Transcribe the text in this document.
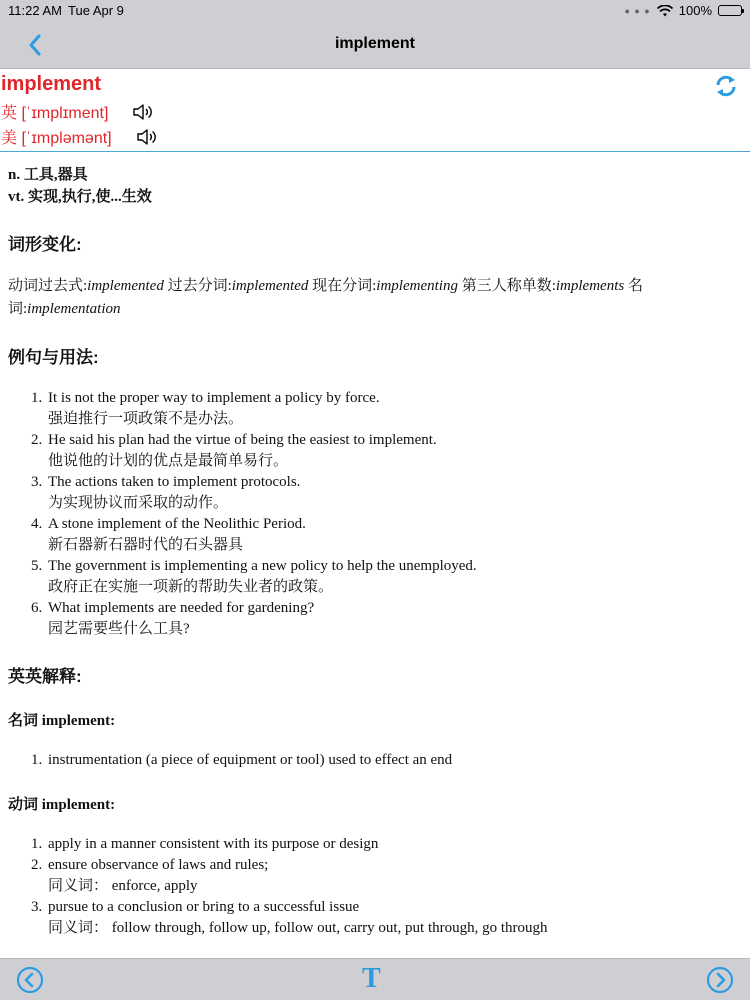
11:22 AM Tue Apr 9	● ● ● 100%
implement
implement
英 [ˈɪmplɪment]
美 [ˈɪmpləmənt]
n. 工具,器具
vt. 实现,执行,使...生效
词形变化:
动词过去式:implemented 过去分词:implemented 现在分词:implementing 第三人称单数:implements 名词:implementation
例句与用法:
1. It is not the proper way to implement a policy by force.
强迫推行一项政策不是办法。
2. He said his plan had the virtue of being the easiest to implement.
他说他的计划的优点是最简单易行。
3. The actions taken to implement protocols.
为实现协议而采取的动作。
4. A stone implement of the Neolithic Period.
新石器新石器时代的石头器具
5. The government is implementing a new policy to help the unemployed.
政府正在实施一项新的帮助失业者的政策。
6. What implements are needed for gardening?
园艺需要些什么工具?
英英解释:
名词 implement:
1. instrumentation (a piece of equipment or tool) used to effect an end
动词 implement:
1. apply in a manner consistent with its purpose or design
2. ensure observance of laws and rules;
同义词： enforce, apply
3. pursue to a conclusion or bring to a successful issue
同义词： follow through, follow up, follow out, carry out, put through, go through
T
